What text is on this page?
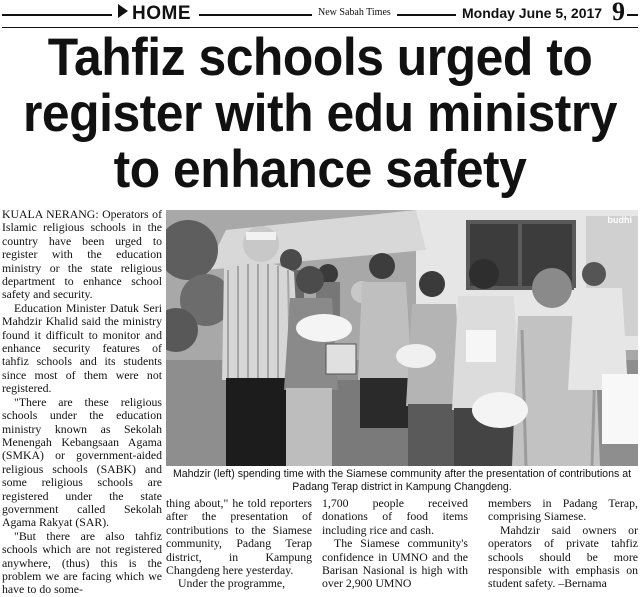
HOME	New Sabah Times	Monday June 5, 2017 9
Tahfiz schools urged to
register with edu ministry
to enhance safety

KUALA NERANG: Operators of Islamic religious schools in the country have been urged to register with the education ministry or the state religious department to enhance school safety and security.

Education Minister Datuk Seri Mahdzir Khalid said the ministry found it difficult to monitor and enhance security features of tahfiz schools and its students since most of them were not registered.

"There are these religious schools under the education ministry known as Sekolah Menengah Kebangsaan Agama (SMKA) or government-aided religious schools (SABK) and some religious schools are registered under the state government called Sekolah Agama Rakyat (SAR).

"But there are also tahfiz schools which are not registered anywhere, (thus) this is the problem we are facing which we have to do some-

budhi
Mahdzir (left) spending time with the Siamese community after the presentation of contributions at Padang Terap district in Kampung Changdeng.

thing about," he told reporters after the presentation of contributions to the Siamese community, Padang Terap district, in Kampung Changdeng here yesterday.

Under the programme,

1,700 people received donations of food items including rice and cash.

The Siamese community's confidence in UMNO and the Barisan Nasional is high with over 2,900 UMNO

members in Padang Terap, comprising Siamese.

Mahdzir said owners or operators of private tahfiz schools should be more responsible with emphasis on student safety. –Bernama
